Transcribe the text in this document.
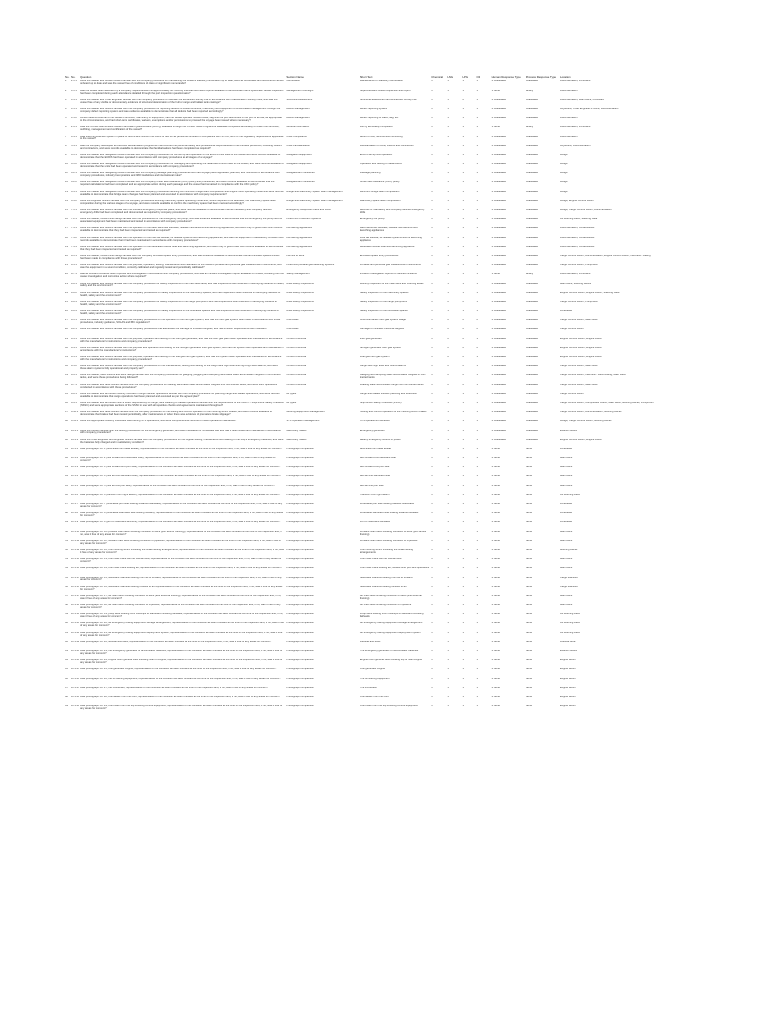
No.	No.	Question	Section Name	Short Text	Chemical	LNG	LPG	Oil	Human Response Type	Process Response Type	Location
1	2.1.1	Were the Master and certain officers familiar with the company procedure for maintaining the vessel's statutory certification up to date, were all certificates and documents carried onboard up to date and was the vessel free of conditions of class or significant memoranda?	Certification	Maintenance of Statutory Certification	1	1	1	1	2 Graduated	Graduated	Documentation, Portboard
2	3.1.1	Had the vessel been attended by a company Superintendent at approximately six monthly intervals and were reports available to demonstrate that a systematic vessel inspection had been completed during each attendance detailed through the port inspection questionnaire?	Management Oversight	Superintendent vessel inspection and report	1	1	1	1	1 None	Binary	Documentation
3	3.3.1	Were the Master and Chief Engineer familiar with the company procedure to maintain the Enhanced Survey File in accordance with Classification Society rules, and was the vessel free of any visible or documentary evidence of structural deterioration of the hull or cargo and ballast tank coatings?	Structural Assessment	Structural assessment and Enhanced Survey File	1	1	0	1	2 Graduated	Graduated	Documentation, Main Deck, Portboard
4	3.5.1	Were the Master and officers familiar with the company procedure for reporting defects to vessel structure, machinery and equipment to shore-based management through the company defect reporting system and was evidence available to demonstrate that all defects had been reported accordingly?	Defect Management	Defect reporting system	1	1	1	1	2 Graduated	Graduated	Anywhere, Chief Engineer's Office, Documentation
5	3.5.2	Where defects external to the vessel's structure, machinery or equipment, had the vessel operator notified class, flag and the port authorities in the port of arrival, as appropriate to the circumstances, and had short-term certificates, waivers, exemptions and/or permissions to proceed the voyage been issued where necessary?	Defect Management	Defect reporting to class, flag, etc	1	1	1	1	2 Graduated	Graduated	Documentation
6	2.6.1	Was the OCIMF Harmonised Vessel Particulars Questionnaire (HVPQ) available through the OCIMF SIRE Programme database completed accurately to reflect the structure, outfitting, management and certification of the vessel?	General information	HVPQ accurately completed	1	1	1	1	1 None	Binary	Documentation, Portboard
7	4.4.1	Was there an effective system in place to record and monitor the hours of rest for all personnel onboard in compliance with STCW, MLC or the regulatory requirements applicable to the vessel?	Crew Compliance	Hours of rest, records and monitoring	1	1	1	1	2 Graduated	Graduated	Documentation
8	5.4.1	Had the company developed an effective familiarisation programme that covered the personal safety and professional responsibilities of all onboard personnel, including visitors and contractors, and were records available to demonstrate that familiarisations had been completed as required?	Crew Familiarisation	Familiarisation of crew, visitors and contractors	1	1	1	1	2 Graduated	Graduated	Anywhere, Documentation
9	6.1.1	Were the Master and navigation officers familiar with the company procedures for the set up and operation of the ECDIS units fitted to the vessel and were records available to demonstrate that the ECDIS had been operated in accordance with company procedures at all stages of a voyage?	Navigation Equipment	ECDIS set-up and operation	1	1	1	1	2 Graduated	Graduated	Bridge
10	6.1.2	Were the Master and navigation officers familiar with the company procedures for managing and operating the radar/ARPA units fitted to the vessel, and were records available to demonstrate that the units had been operated and tested in accordance with company procedures?	Navigation Equipment	Operation and testing of radar/ARPA	1	1	1	1	2 Graduated	Graduated	Bridge
11	6.2.1	Were the Master and navigating officers familiar with the company passage planning procedures and had voyage plans appraised, planned, and monitored in accordance with company procedures, industry best practice and IMO Guidelines and international rules?	Navigational Procedures	Passage planning	1	1	1	1	2 Graduated	Graduated	Bridge
12	6.2.2	Were the Master and navigation officers familiar with the company under keel clearance (UKC) policy and procedures, and were records available to demonstrate that the required calculations had been completed and an appropriate action during each passage and the vessel had remained in compliance with the UKC policy?	Navigational Procedures	Under keel clearance (UKC) policy	1	1	1	1	2 Graduated	Graduated	Bridge
13	6.3.1	Were the master and navigation officers familiar with the company procedures defining the minimum bridge team composition and engine room operating mode and were records available to demonstrate that bridge team changes had been planned and executed in accordance with company requirements?	Bridge and Machinery Space Team management	Minimum bridge team composition	1	1	1	1	2 Graduated	Graduated	Bridge
14	6.3.2	Were the engineer officers familiar with the company procedures defining machinery space operating mode and, where required to be attended, the machinery space team composition during the various stages of a voyage, and were records available to confirm the machinery space had been manned accordingly?	Bridge and Machinery Space Team management	Machinery space team composition	1	1	1	1	2 Graduated	Graduated	Bridge, Engine Control Room
15	7.1.1	Were the Master and officers familiar with the onboard emergency response plans, and were records available to demonstrate that all mandatory and company defined emergency drills had been completed and documented as required by company procedures?	Emergency Response Plans and Drills	Records of mandatory and company defined emergency drills	1	1	1	1	2 Graduated	Graduated	Bridge, Cargo Control Room, Documentation
16	7.2.1	Were the Master, officers and ratings familiar with the procedures for the emergency fire pump, and was evidence available to demonstrate that the emergency fire pump and its associated equipment had been maintained and tested in accordance with company procedures?	Fixed Fire Protection Systems	Emergency fire pump	1	1	1	1	2 Graduated	Graduated	Aft Mooring Deck, Steering Gear
17	7.3.1	Were the Master and officers familiar with the operation of the davit launched lifeboats, release mechanisms and launching appliances, and were they in good order with records available to demonstrate that they had been inspected and tested as required?	Life saving appliances	Davit launched lifeboats, release mechanisms and launching appliances	1	1	1	1	2 Graduated	Graduated	Documentation, Unhazardous
18	7.3.2	Were the Master and officers familiar with the operation of the free fall lifeboat, its release systems and launching appliances, and was the equipment in satisfactory condition with records available to demonstrate that it had been maintained in accordance with company procedures?	Life saving appliances	Free fall lifeboat, its release systems and its launching appliance	1	1	1	1	2 Graduated	Graduated	Documentation, Unhazardous
19	7.3.3	Were the Master and officers familiar with the operation of the dedicated rescue boat and launching appliance, and were they in good order with records available to demonstrate that they had been inspected and tested as required?	Life saving appliances	Dedicated rescue boat and launching appliance	1	1	1	1	2 Graduated	Graduated	Documentation, Unhazardous
20	8.1.1	Were the Master, officers and ratings familiar with the company enclosed space entry procedures, and was evidence available to demonstrate that all enclosed spaces entries had been made in compliance with those procedures?	Permits to work	Enclosed space entry procedures	1	1	1	1	2 Graduated	Graduated	Cargo Control Room, Documentation, Engine Control Room, Interview - Rating
21	8.3.1	Were the Master and officers familiar with the purpose, operation, testing, maintenance and calibration of the vessel's portable and personal gas measurement instruments, and was the equipment in a sound condition, correctly calibrated and regularly tested and periodically calibrated?	Fixed and portable gas detecting systems	Portable and personal gas measurement instruments	1	1	1	1	2 Graduated	Graduated	Cargo Control Room, Pumproom
22	8.7.1	Had all onboard incidents been reported and investigated in accordance with company procedures, and was an incident investigation report available for review, including the root cause investigation and corrective action where required?	Safety Management	Incident investigation reports for defined incidents	1	1	1	1	1 None	Binary	Documentation, Portboard
23	9.8.1	Were the Master and officers familiar with the company procedure for safety inspections of the main deck area, and had inspections been effective in identifying hazards to health, safety and the environment?	Area Safety Inspections	Monthly inspection of the main deck and mooring areas	1	1	1	1	2 Graduated	Graduated	Main Deck, Mooring Decks
24	9.8.2	Were the Master and officers familiar with the company procedures for safety inspections of the machinery spaces, and had inspections been effective in identifying hazards to health, safety and the environment?	Area Safety Inspections	Safety inspection of the machinery spaces	1	1	1	1	2 Graduated	Graduated	Engine Control Room, Engine Room, Steering Gear
25	9.8.3	Were the Master and officers familiar with the company procedure for safety inspections of the cargo pumproom and had inspections been effective in identifying hazards to health, safety and the environment?	Area Safety Inspections	Safety inspection of the cargo pumproom	1	0	0	1	2 Graduated	Graduated	Cargo Control Room, Pumproom
26	9.8.4	Were the Master and officers familiar with the company procedures for safety inspections of the forecastle spaces and had inspections been effective in identifying hazards to health, safety and the environment?	Area Safety Inspections	Safety inspection of the forecastle spaces	1	1	1	1	2 Graduated	Graduated	Forecastle
27	8.1.1	Were the Master and officers familiar with the company procedures for the operation of the inert gas system, and had the inert gas system been used in accordance with those procedures, industry guidance, SOLAS and IBC regulations?	Chemicals	Chemical tanker inert gas system usage	1	0	0	0	2 Graduated	Graduated	Cargo Control Room, Main Deck
28	8.2.1	Were the Master and officers familiar with the company procedures that addressed the carriage of inhibited cargoes, and had inhibitor requirements been followed?	Chemicals	Carriage of inhibited chemical cargoes	1	0	0	0	2 Graduated	Graduated	Cargo Control Room
29	8.3.1	Were the Master and officers familiar with the purpose, operation and testing of the inert gas generator, and had the inert gas plant been operated and maintained in accordance with the manufacturer's instructions and company procedures?	Oil and Chemical	Inert gas generator	1	0	0	1	2 Graduated	Graduated	Engine Control Room, Engine Room
30	8.4.1	Were the Master and officers familiar with the purpose and operation and testing of the nitrogen generator inert gas system, and had the system been operated and maintained in accordance with the manufacturer's instructions?	Oil and Chemical	Nitrogen generator inert gas system	1	0	0	0	2 Graduated	Graduated	Engine Control Room, Engine Room
31	8.5.1	Were the Master and officers familiar with the purpose, operation and testing of the flue gas inert gas system, and had the system been operated and maintained in accordance with the manufacturer's instructions and company procedures?	Oil and Chemical	Flue gas inert gas system	1	0	0	1	2 Graduated	Graduated	Engine Control Room, Engine Room
32	8.5.2	Were the Master and officers familiar with the company procedures for the maintenance, testing and setting of the cargo tank high level and high-high level alarms, and were these alarm systems fully operational and properly set?	Oil and Chemical	Cargo tank high level and overfill alarms	1	0	0	1	2 Graduated	Graduated	Cargo Control Room, Main Deck
33	8.6.1	Were the Master, deck officers and deck ratings familiar with the company procedures for gauging, plugging and sampling flammable static accumulator cargoes in non-inerted tanks, and were these procedures being followed?	Oil and Chemical	Gauging and sampling static accumulator cargoes in non-inerted tanks	1	0	0	1	2 Graduated	Graduated	Cargo Control Room, Interview - Deck Rating, Main Deck
34	8.7.1	Were the Master and deck officers familiar with the company procedures for loading flammable static accumulator cargoes into non-inerted tanks, and were such operations conducted in accordance with these procedures?	Oil and Chemical	Loading static accumulator cargo into non-inerted tanks	1	0	0	1	2 Graduated	Graduated	Cargo Control Room, Main Deck
35	8.8.1	Were the Master and all officers directly involved in cargo transfer operations familiar with the company procedure for planning cargo and ballast operations, and were records available to demonstrate that cargo operations had been planned and executed as per the agreed plan?	All types	Cargo and ballast transfer planning and execution	1	1	1	1	2 Graduated	Graduated	Cargo Control Room
36	8.9.1	Were the Master and all officers with a direct responsibility for cargo, tank cleaning or ballast operations familiar with the requirements of the ISGOTT Ship/Shore Safety Checklist (SSSC) and were appropriate sections of the SSSC in use with all repetitive checks and agreements maintained throughout?	All types	Ship/Shore Safety Checklist (SSSC)	1	1	1	1	2 Graduated	Graduated	Cargo Control Room, Compressor Room, Main Deck, Mooring Decks, Pumproom
37	8.10.1	Were the Master and deck officers familiar with the company procedure for the testing and correct operation of the mooring winch brakes, and were records available to demonstrate that brakes had been tested periodically, after maintenance or when there was evidence of premature brake slippage?	Mooring Equipment Management	Testing and correct operation of the mooring winch brakes	1	1	1	1	2 Graduated	Graduated	Cargo Control Room, Documentation, Mooring Decks
38	8.11.1	Were the appropriate industry checklists used during STS operations, and were comprehensive records of these operations maintained?	STS Operation Management	STS operations checklists	1	1	1	1	2 Graduated	Graduated	Bridge, Cargo Control Room, Mooring Decks
39	10.2.1	Were the officers familiar with the testing procedures for the emergency generator, and was it available for immediate use and had it been tested and maintained in accordance with company procedures?	Machinery Status	Emergency generator	1	1	1	1	2 Graduated	Graduated	Exterior Decks
40	10.2.2	Were the Chief Engineer and engineer officers familiar with the company procedures for the regular testing, maintenance and loading of the ship's emergency batteries, and were the batteries fully charged and in satisfactory condition?	Machinery Status	Battery emergency source of power	1	1	1	1	2 Graduated	Graduated	Engine Control Room, Engine Room
41	11.1.1	Was photograph no. 1 (bow area from dead ahead), representative of the condition as seen onboard at the time of the inspection and, if no, was it free of any areas for concern?	Photograph comparison	Bow area from dead ahead	1	1	1	1	2 None	None	Forecastle
42	11.1.2	Was photograph no. 2 (hull forward end starboard side), representative of the condition as seen onboard at the time of the inspection and, if no, was it free of any areas for concern?	Photograph comparison	Hull forward end starboard side	1	1	1	1	2 None	None	Main Deck
43	11.1.3	Was photograph no. 3 (hull forward end port side), representative of the condition as seen onboard at the time of the inspection and, if no, was it free of any areas for concern?	Photograph comparison	Hull forward end port side	1	1	1	1	2 None	None	Main Deck
44	11.1.4	Was photograph no. 4 (hull aft end starboard side), representative of the condition as seen onboard at the time of the inspection and, if no, was it free of any areas for concern?	Photograph comparison	Hull aft end starboard side	1	1	1	1	2 None	None	Main Deck
45	11.1.5	Was photograph no. 5 (hull aft end port side), representative of the condition as seen onboard at the time of the inspection and, if no, was it free of any areas for concern?	Photograph comparison	Hull aft end port side	1	1	1	1	2 None	None	Main Deck
46	11.1.6	Was photograph no. 6 (transom from right astern), representative of the condition as seen onboard at the time of the inspection and, if no, was it free of any areas for concern?	Photograph comparison	Transom from right astern	1	1	1	1	2 None	None	Aft Mooring Deck
47	11.1.7	Was photograph no. 7 (forecastle port side looking towards bulkheads), representative of the condition as seen onboard at the time of the inspection and, if no, was it free of any areas for concern?	Photograph comparison	Forecastle port side looking towards bulkheads	1	1	1	1	2 None	None	Forecastle
48	11.1.8	Was photograph no. 8 (forecastle starboard side looking forward), representative of the condition as seen onboard at the time of the inspection and, if no, was it free of any areas for concern?	Photograph comparison	Forecastle starboard side looking towards fairleads	1	1	1	1	2 None	None	Forecastle
49	11.1.9	Was photograph no. 9 (port or starboard anchors), representative of the condition as seen onboard at the time of the inspection and, if no, was it free of any areas for concern?	Photograph comparison	Port or starboard windlass	1	1	1	1	2 None	None	Forecastle
50	11.1.10	Was photograph no. 10 (forward main deck showing condition of deck (port and/or framing)), representative of the condition as seen onboard at the time of the inspection and, if no, was it free of any areas for concern?	Photograph comparison	Forward main deck showing condition of deck (port and/or framing)	1	1	1	1	2 None	None	Main Deck
51	11.1.11	Was photograph no. 11, forward main deck showing condition of pipework, representative of the condition as seen onboard at the time of the inspection and, if no, was it free of any areas for concern?	Photograph comparison	Forward main deck showing condition of Pipework	1	1	1	1	2 None	None	Main Deck
52	11.1.12	Was photograph no. 12, one mooring winch including the brake setting arrangements, representative of the condition as seen onboard at the time of the inspection and, if no, was it free of any areas for concern?	Photograph comparison	One mooring winch including the brake setting arrangements	1	1	1	1	2 None	None	Mooring Decks
53	11.1.13	Was photograph no. 13, one hose crane with an overall view, representative of the condition as seen onboard at the time of the inspection and, if no, was it free of any areas for concern?	Photograph comparison	One hose crane with an overall view	1	1	1	1	2 None	None	Main Deck
54	11.1.14	Was photograph no. 14, one hose crane looking aft, representative of the condition as seen onboard at the time of the inspection and, if no, was it free of any areas for concern?	Photograph comparison	One hose crane looking aft, viewed onto port and operations	1	1	1	1	2 None	None	Main Deck
55	11.1.15	Was photograph no. 15, starboard manifold looking from aft to forward, representative of the condition as seen onboard at the time of the inspection and, if no, was it free of any areas for concern?	Photograph comparison	Starboard manifold looking from aft to forward	1	1	1	1	2 None	None	Cargo Manifold
56	11.1.16	Was photograph no. 16, starboard manifold looking forward to aft representative of the condition as seen onboard at the time of the inspection and, if no, was it free of any areas for concern?	Photograph comparison	Starboard manifold looking forward to aft	1	1	1	1	2 None	None	Cargo Manifold
57	11.1.17	Was photograph no. 17, aft main deck showing condition of deck (and external framing), representative of the condition as seen onboard at the time of the inspection and, if no, was it free of any areas for concern?	Photograph comparison	Aft main deck showing condition of deck (and external framing)	1	1	1	1	2 None	None	Main Deck
58	11.1.18	Was photograph no. 18, aft main deck showing condition of Pipework, representative of the condition as seen onboard at the time of the inspection and, if no, was it free of any areas for concern?	Photograph comparison	Aft main deck showing condition of Pipework	1	1	1	1	2 None	None	Main Deck
59	11.1.19	Was photograph no. 19, poop deck looking from midships to starboard including fairleads, representative of the condition as seen onboard at the time of the inspection and, if no, was it free of any areas for concern?	Photograph comparison	Poop deck looking from midships to starboard including fairleads	1	1	1	1	2 None	None	Aft Mooring Deck
60	11.1.20	Was photograph no. 20, aft emergency towing equipment storage arrangement, representative of the condition as seen onboard at the time of the inspection and, if no, was it free of any areas for concern?	Photograph comparison	Aft emergency towing equipment storage arrangement	1	1	1	1	2 None	None	Aft Mooring Deck
61	11.1.21	Was photograph no. 21, aft emergency towing equipment deployment system, representative of the condition as seen onboard at the time of the inspection and, if no, was it free of any areas for concern?	Photograph comparison	Aft emergency towing equipment deployment system	1	1	1	1	2 None	None	Aft Mooring Deck
62	11.1.22	Was photograph no. 22, lifeboat and davit, representative of the condition as seen onboard at the time of the inspection and, if no, was it free of any areas for concern?	Photograph comparison	Lifeboat and davit	1	1	1	1	2 None	None	Lifeboat Area
63	11.1.23	Was photograph no. 23, the emergency generator or accumulator batteries, representative of the condition as seen onboard at the time of the inspection and, if no, was it free of any areas for concern?	Photograph comparison	The emergency generator or accumulator batteries	1	1	1	1	2 None	None	Exterior Decks
64	11.1.24	Was photograph no. 24, engine room general view showing main of engine, representative of the condition as seen onboard at the time of the inspection and, if no, was it free of any areas for concern?	Photograph comparison	Engine room general view showing top of main engine	1	1	1	1	2 None	None	Engine Room
65	11.1.25	Was photograph no. 25, one generator engine, representative of the condition as seen onboard at the time of the inspection and, if no, was it free of any areas for concern?	Photograph comparison	One generator engine	1	1	1	1	2 None	None	Engine Room
66	11.1.26	Was photograph no. 26, the oil filtering equipment, representative of the condition as seen onboard at the time of the inspection and, if no, was it free of any areas for concern?	Photograph comparison	The oil filtering equipment	1	1	1	1	2 None	None	Engine Room
67	11.1.27	Was photograph no. 27, the incinerator, representative of the condition as seen onboard at the time of the inspection and, if no, was it free of any areas for concern?	Photograph comparison	The incinerator	1	1	1	1	2 None	None	Engine Room
68	11.1.28	Was photograph no. 28, one ladder from the front, representative of the condition as seen onboard at the time of the inspection and, if no, was it free of any areas for concern?	Photograph comparison	One ladder from the front	1	1	1	1	2 None	None	Engine Room
69	11.1.29	Was photograph no. 29, one boiler from the top showing control equipment, representative of the condition as seen onboard at the time of the inspection and, if no, was it free of any areas for concern?	Photograph comparison	One boiler from the top showing control equipment	1	1	1	1	2 None	None	Engine Room
